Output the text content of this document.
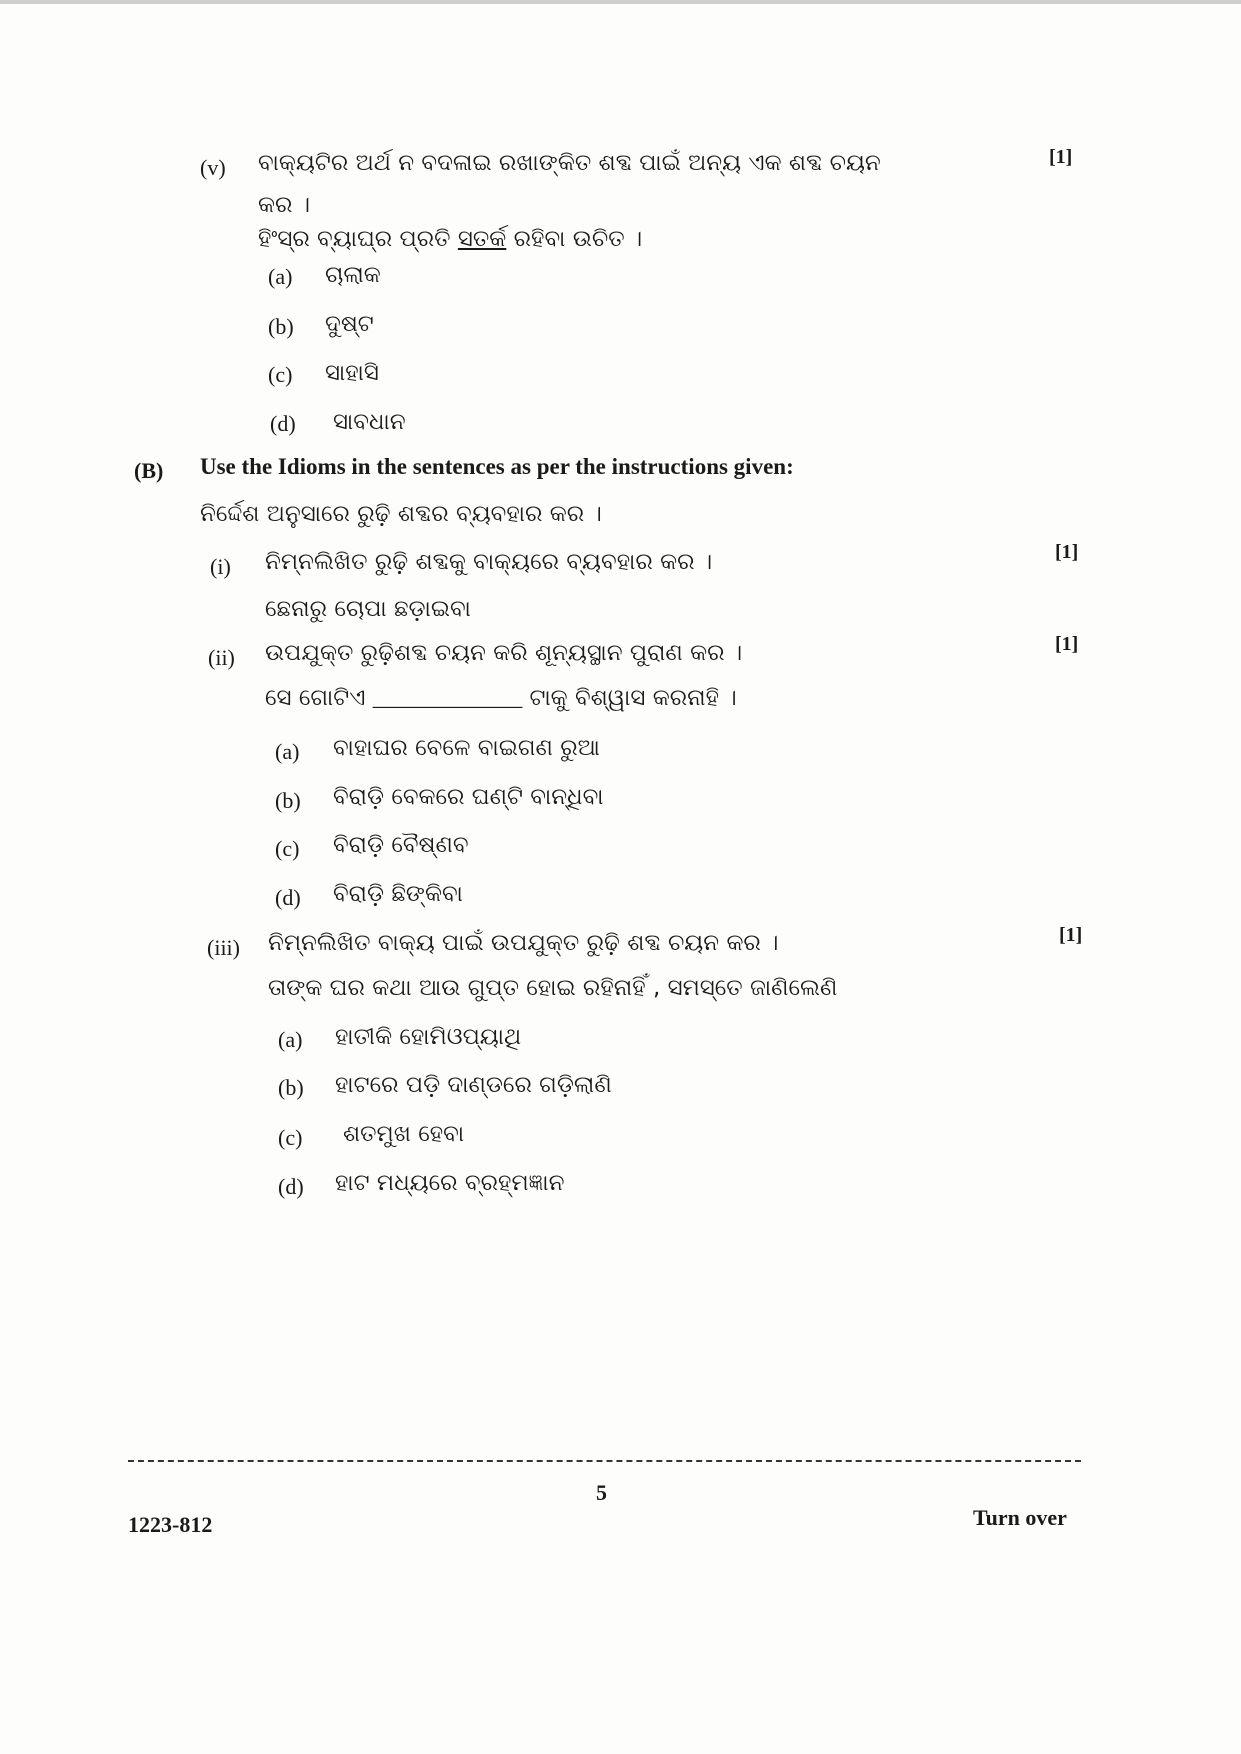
(v) ବାକ୍ୟଟିର ଅର୍ଥ ନ ବଦଳାଇ ରଖାଙ୍କିତ ଶବ୍ଦ ପାଇଁ ଅନ୍ୟ ଏକ ଶବ୍ଦ ଚୟନ	[1]
କର ।
ହିଂସ୍ର ବ୍ୟାଘ୍ର ପ୍ରତି ସତର୍କ ରହିବା ଉଚିତ ।
(a) ଚାଲାକ
(b) ଦୁଷ୍ଟ
(c) ସାହାସି
(d) ସାବଧାନ
(B) Use the Idioms in the sentences as per the instructions given:
ନିର୍ଦ୍ଦେଶ ଅନୁସାରେ ରୁଢ଼ି ଶବ୍ଦର ବ୍ୟବହାର କର ।
(i) ନିମ୍ନଲିଖିତ ରୁଢ଼ି ଶବ୍ଦକୁ ବାକ୍ୟରେ ବ୍ୟବହାର କର ।	[1]
ଛେନାରୁ ଚୋପା ଛଡ଼ାଇବା
(ii) ଉପଯୁକ୍ତ ରୁଢ଼ିଶବ୍ଦ ଚୟନ କରି ଶୂନ୍ୟସ୍ଥାନ ପୁରାଣ କର ।	[1]
ସେ ଗୋଟିଏ _____________ ଟାକୁ ବିଶ୍ୱାସ କରନାହି ।
(a) ବାହାଘର ବେଳେ ବାଇଗଣ ରୁଆ
(b) ବିରାଡ଼ି ବେକରେ ଘଣ୍ଟି ବାନ୍ଧିବା
(c) ବିରାଡ଼ି ବୈଷ୍ଣବ
(d) ବିରାଡ଼ି ଛିଙ୍କିବା
(iii) ନିମ୍ନଲିଖିତ ବାକ୍ୟ ପାଇଁ ଉପଯୁକ୍ତ ରୁଢ଼ି ଶବ୍ଦ ଚୟନ କର ।	[1]
ତାଙ୍କ ଘର କଥା ଆଉ ଗୁପ୍ତ ହୋଇ ରହିନାହିଁ , ସମସ୍ତେ ଜାଣିଲେଣି
(a) ହାତୀକି ହୋମିଓପ୍ୟାଥି
(b) ହାଟରେ ପଡ଼ି ଦାଣ୍ଡରେ ଗଡ଼ିଲାଣି
(c) ଶତମୁଖ ହେବା
(d) ହାଟ ମଧ୍ୟରେ ବ୍ରହ୍ମଜ୍ଞାନ
5
1223-812	Turn over
